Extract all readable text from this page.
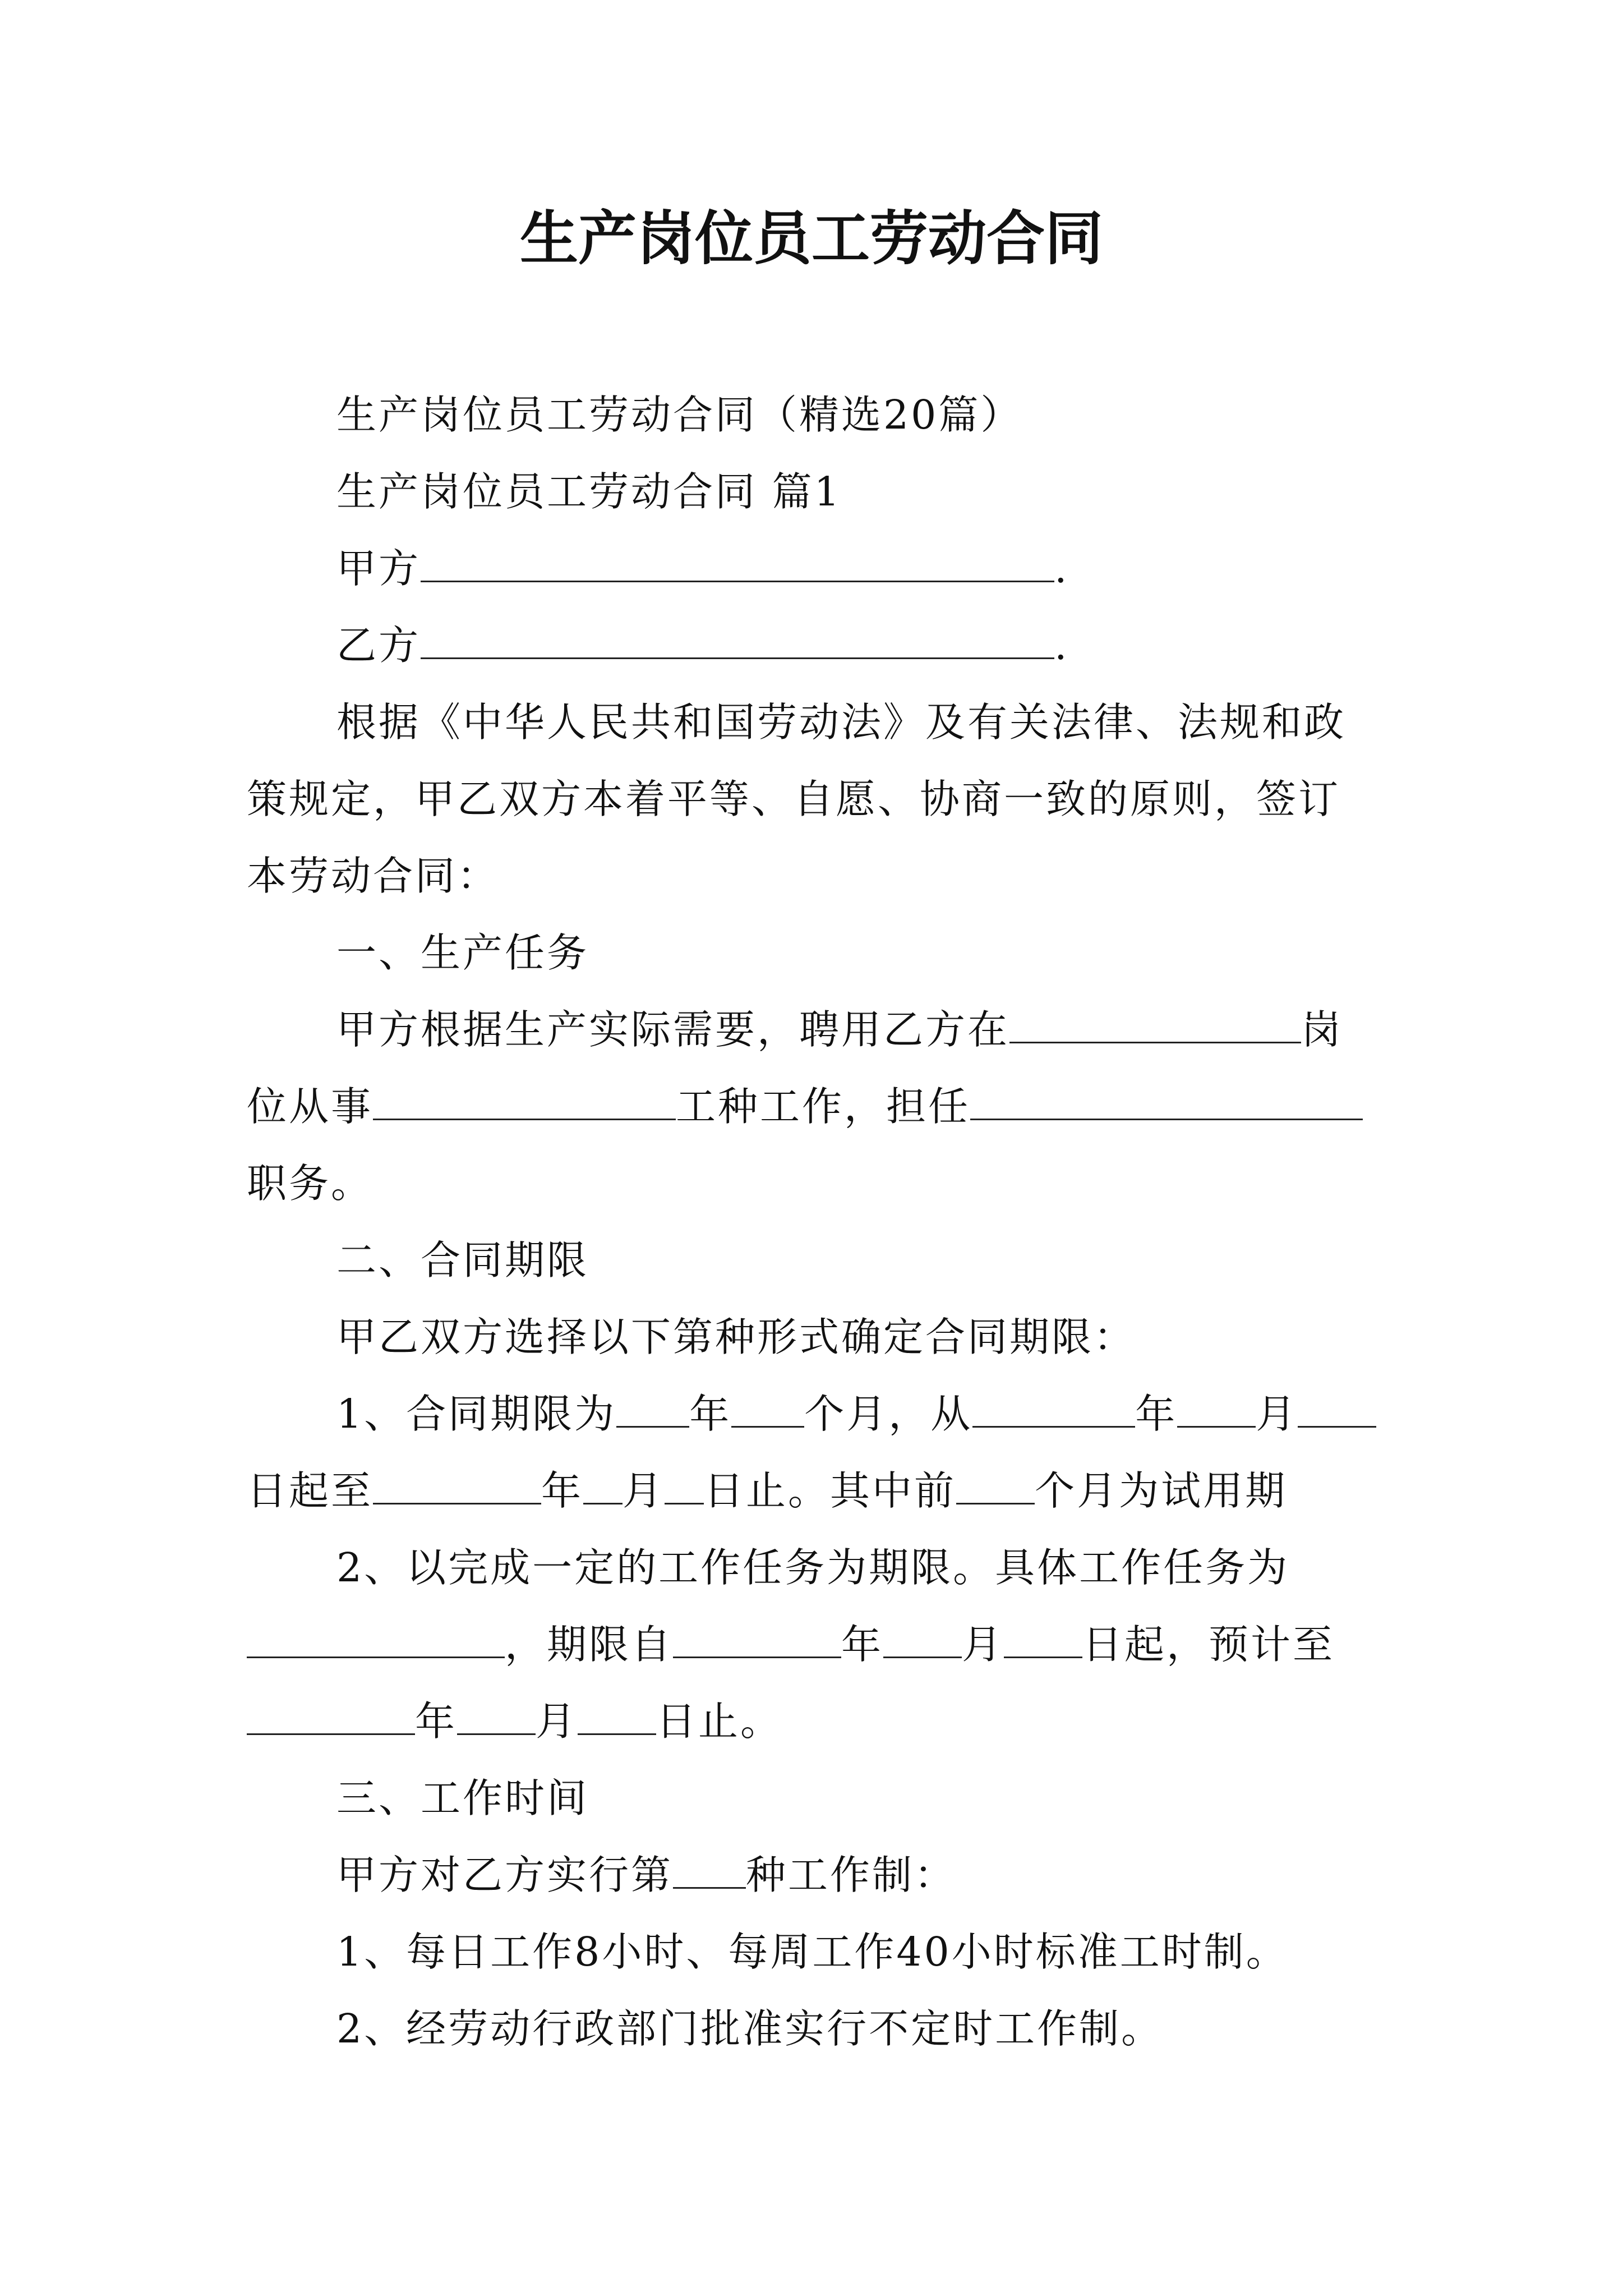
生产岗位员工劳动合同
生产岗位员工劳动合同（精选20篇）
生产岗位员工劳动合同 篇1
甲方	.
乙方	.
根据《中华人民共和国劳动法》及有关法律、法规和政
策规定，甲乙双方本着平等、自愿、协商一致的原则，签订
本劳动合同：
一、生产任务
甲方根据生产实际需要，聘用乙方在	岗
位从事	工种工作，担任
职务。
二、合同期限
甲乙双方选择以下第种形式确定合同期限：
1、合同期限为 年 个月，从	年 月
日起至	年 月 日止。其中前 个月为试用期
2、以完成一定的工作任务为期限。具体工作任务为
，期限自	年 月 日起，预计至
年 月 日止。
三、工作时间
甲方对乙方实行第 种工作制：
1、每日工作8小时、每周工作40小时标准工时制。
2、经劳动行政部门批准实行不定时工作制。
